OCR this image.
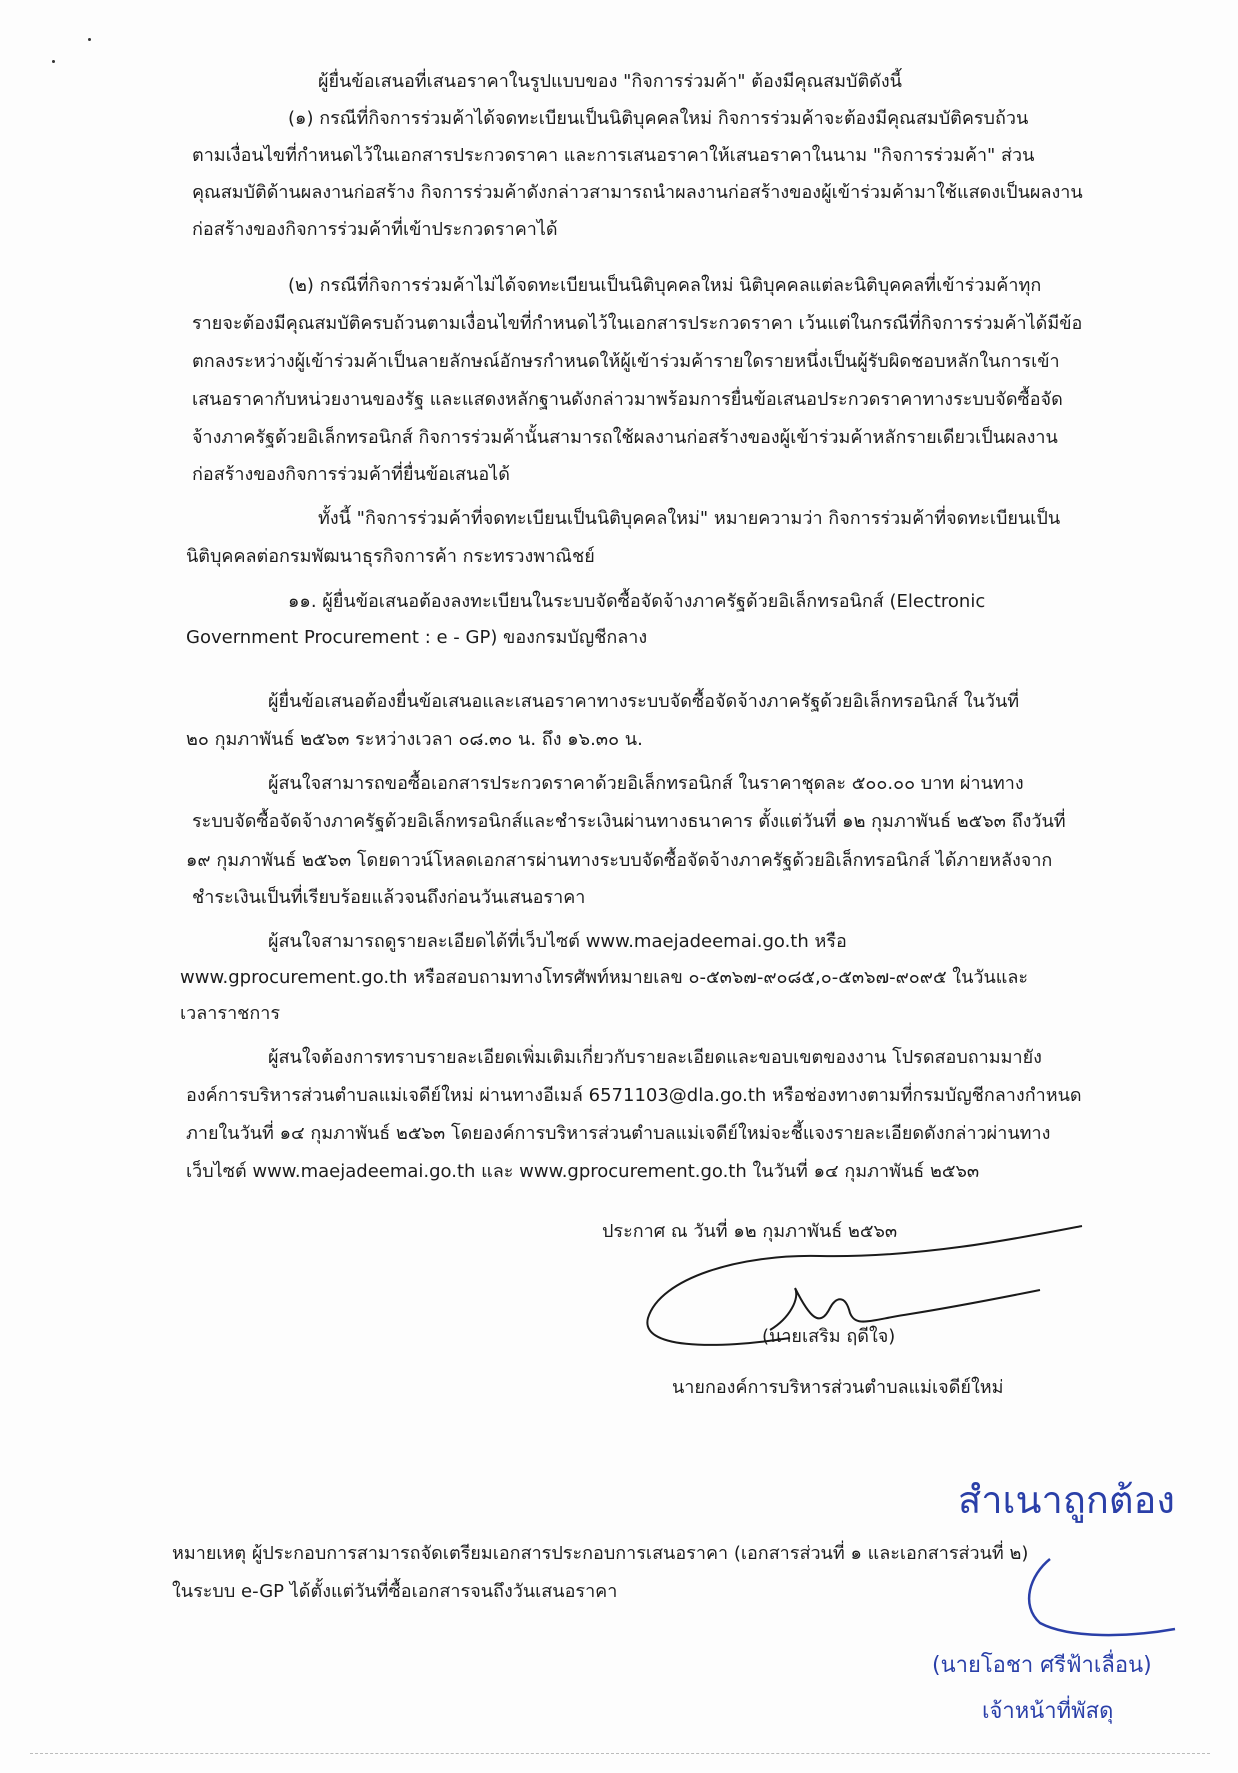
ผู้ยื่นข้อเสนอที่เสนอราคาในรูปแบบของ "กิจการร่วมค้า" ต้องมีคุณสมบัติดังนี้
(๑) กรณีที่กิจการร่วมค้าได้จดทะเบียนเป็นนิติบุคคลใหม่ กิจการร่วมค้าจะต้องมีคุณสมบัติครบถ้วน
ตามเงื่อนไขที่กำหนดไว้ในเอกสารประกวดราคา และการเสนอราคาให้เสนอราคาในนาม "กิจการร่วมค้า" ส่วน
คุณสมบัติด้านผลงานก่อสร้าง กิจการร่วมค้าดังกล่าวสามารถนำผลงานก่อสร้างของผู้เข้าร่วมค้ามาใช้แสดงเป็นผลงาน
ก่อสร้างของกิจการร่วมค้าที่เข้าประกวดราคาได้
(๒) กรณีที่กิจการร่วมค้าไม่ได้จดทะเบียนเป็นนิติบุคคลใหม่ นิติบุคคลแต่ละนิติบุคคลที่เข้าร่วมค้าทุก
รายจะต้องมีคุณสมบัติครบถ้วนตามเงื่อนไขที่กำหนดไว้ในเอกสารประกวดราคา เว้นแต่ในกรณีที่กิจการร่วมค้าได้มีข้อ
ตกลงระหว่างผู้เข้าร่วมค้าเป็นลายลักษณ์อักษรกำหนดให้ผู้เข้าร่วมค้ารายใดรายหนึ่งเป็นผู้รับผิดชอบหลักในการเข้า
เสนอราคากับหน่วยงานของรัฐ และแสดงหลักฐานดังกล่าวมาพร้อมการยื่นข้อเสนอประกวดราคาทางระบบจัดซื้อจัด
จ้างภาครัฐด้วยอิเล็กทรอนิกส์ กิจการร่วมค้านั้นสามารถใช้ผลงานก่อสร้างของผู้เข้าร่วมค้าหลักรายเดียวเป็นผลงาน
ก่อสร้างของกิจการร่วมค้าที่ยื่นข้อเสนอได้
ทั้งนี้ "กิจการร่วมค้าที่จดทะเบียนเป็นนิติบุคคลใหม่" หมายความว่า กิจการร่วมค้าที่จดทะเบียนเป็น
นิติบุคคลต่อกรมพัฒนาธุรกิจการค้า กระทรวงพาณิชย์
๑๑. ผู้ยื่นข้อเสนอต้องลงทะเบียนในระบบจัดซื้อจัดจ้างภาครัฐด้วยอิเล็กทรอนิกส์ (Electronic
Government Procurement : e - GP) ของกรมบัญชีกลาง
ผู้ยื่นข้อเสนอต้องยื่นข้อเสนอและเสนอราคาทางระบบจัดซื้อจัดจ้างภาครัฐด้วยอิเล็กทรอนิกส์ ในวันที่
๒๐ กุมภาพันธ์ ๒๕๖๓ ระหว่างเวลา ๐๘.๓๐ น. ถึง ๑๖.๓๐ น.
ผู้สนใจสามารถขอซื้อเอกสารประกวดราคาด้วยอิเล็กทรอนิกส์ ในราคาชุดละ ๕๐๐.๐๐ บาท ผ่านทาง
ระบบจัดซื้อจัดจ้างภาครัฐด้วยอิเล็กทรอนิกส์และชำระเงินผ่านทางธนาคาร ตั้งแต่วันที่ ๑๒ กุมภาพันธ์ ๒๕๖๓ ถึงวันที่
๑๙ กุมภาพันธ์ ๒๕๖๓ โดยดาวน์โหลดเอกสารผ่านทางระบบจัดซื้อจัดจ้างภาครัฐด้วยอิเล็กทรอนิกส์ ได้ภายหลังจาก
ชำระเงินเป็นที่เรียบร้อยแล้วจนถึงก่อนวันเสนอราคา
ผู้สนใจสามารถดูรายละเอียดได้ที่เว็บไซต์ www.maejadeemai.go.th หรือ
www.gprocurement.go.th หรือสอบถามทางโทรศัพท์หมายเลข ๐-๕๓๖๗-๙๐๘๕,๐-๕๓๖๗-๙๐๙๕ ในวันและ
เวลาราชการ
ผู้สนใจต้องการทราบรายละเอียดเพิ่มเติมเกี่ยวกับรายละเอียดและขอบเขตของงาน โปรดสอบถามมายัง
องค์การบริหารส่วนตำบลแม่เจดีย์ใหม่ ผ่านทางอีเมล์ 6571103@dla.go.th หรือช่องทางตามที่กรมบัญชีกลางกำหนด
ภายในวันที่ ๑๔ กุมภาพันธ์ ๒๕๖๓ โดยองค์การบริหารส่วนตำบลแม่เจดีย์ใหม่จะชี้แจงรายละเอียดดังกล่าวผ่านทาง
เว็บไซต์ www.maejadeemai.go.th และ www.gprocurement.go.th ในวันที่ ๑๔ กุมภาพันธ์ ๒๕๖๓
ประกาศ ณ วันที่ ๑๒ กุมภาพันธ์ ๒๕๖๓
(นายเสริม ฤดีใจ)
นายกองค์การบริหารส่วนตำบลแม่เจดีย์ใหม่
สำเนาถูกต้อง
หมายเหตุ ผู้ประกอบการสามารถจัดเตรียมเอกสารประกอบการเสนอราคา (เอกสารส่วนที่ ๑ และเอกสารส่วนที่ ๒)
ในระบบ e-GP ได้ตั้งแต่วันที่ซื้อเอกสารจนถึงวันเสนอราคา
(นายโอชา ศรีฟ้าเลื่อน)
เจ้าหน้าที่พัสดุ
